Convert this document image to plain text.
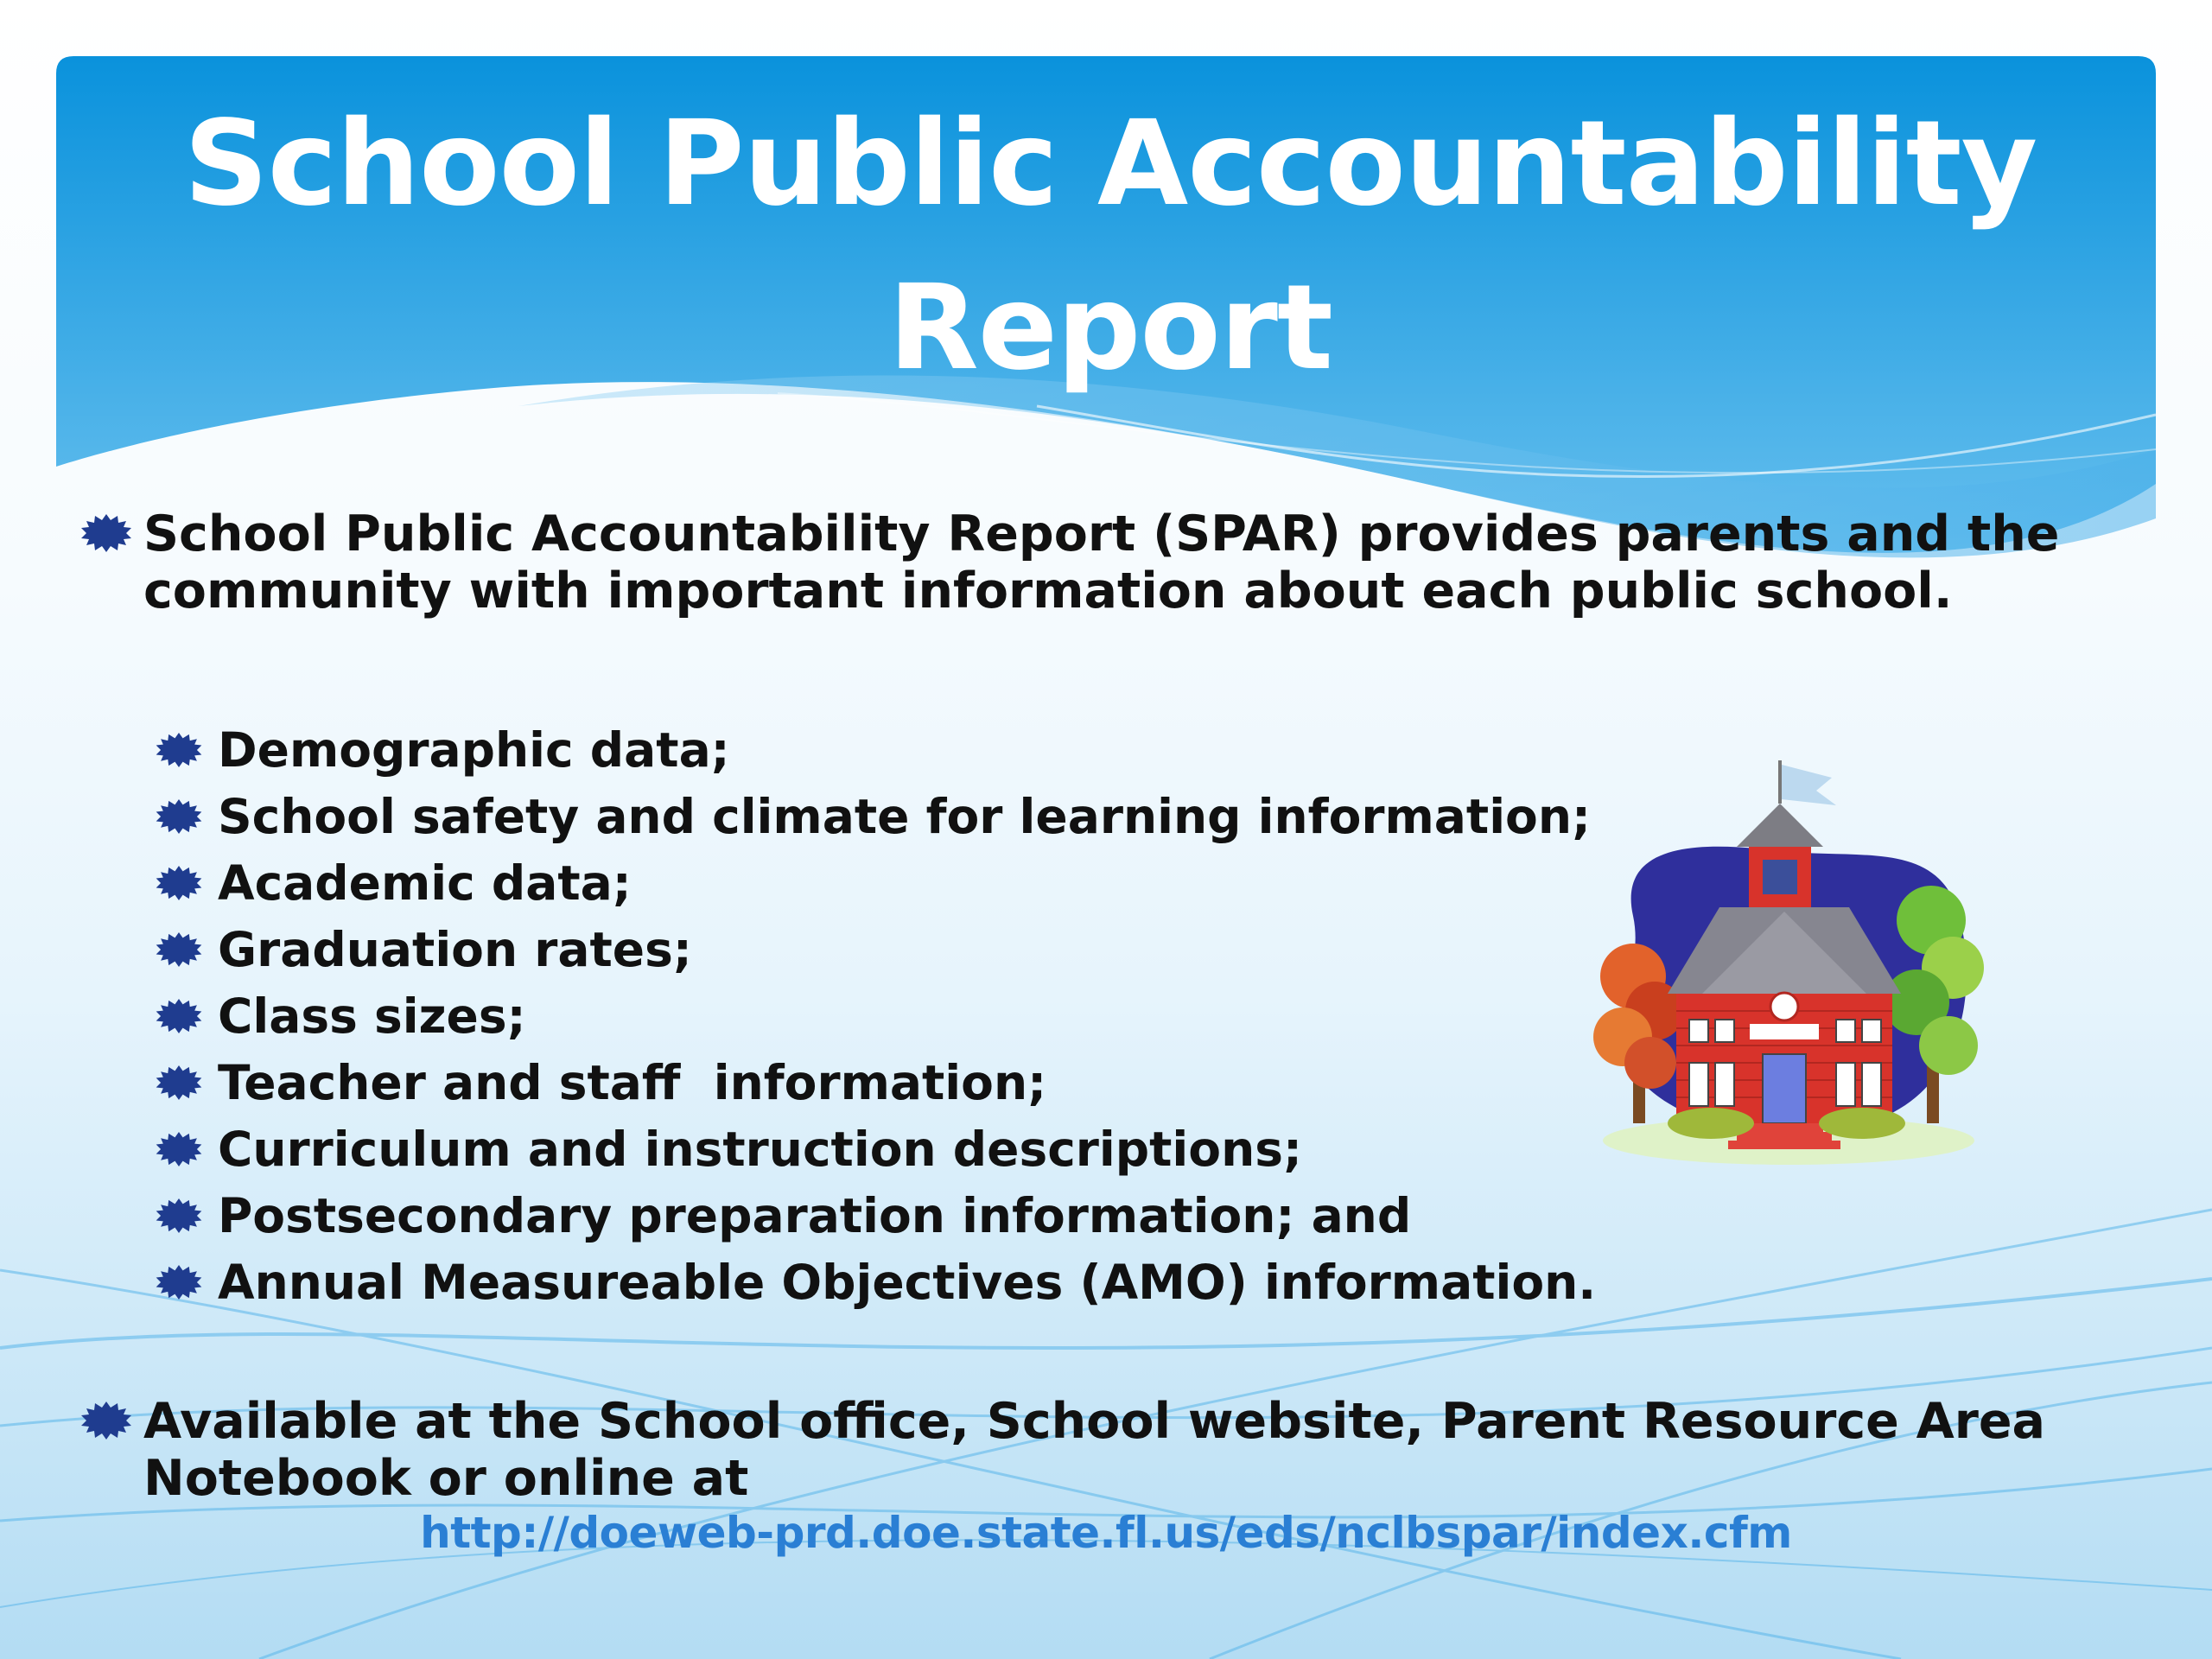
School Public Accountability
Report
School Public Accountability Report (SPAR) provides parents and the community with important information about each public school.
Demographic data;
School safety and climate for learning information;
Academic data;
Graduation rates;
Class sizes;
Teacher and staff  information;
Curriculum and instruction descriptions;
Postsecondary preparation information; and
Annual Measureable Objectives (AMO) information.
Available at the School office, School website, Parent Resource Area Notebook or online at
http://doeweb-prd.doe.state.fl.us/eds/nclbspar/index.cfm
